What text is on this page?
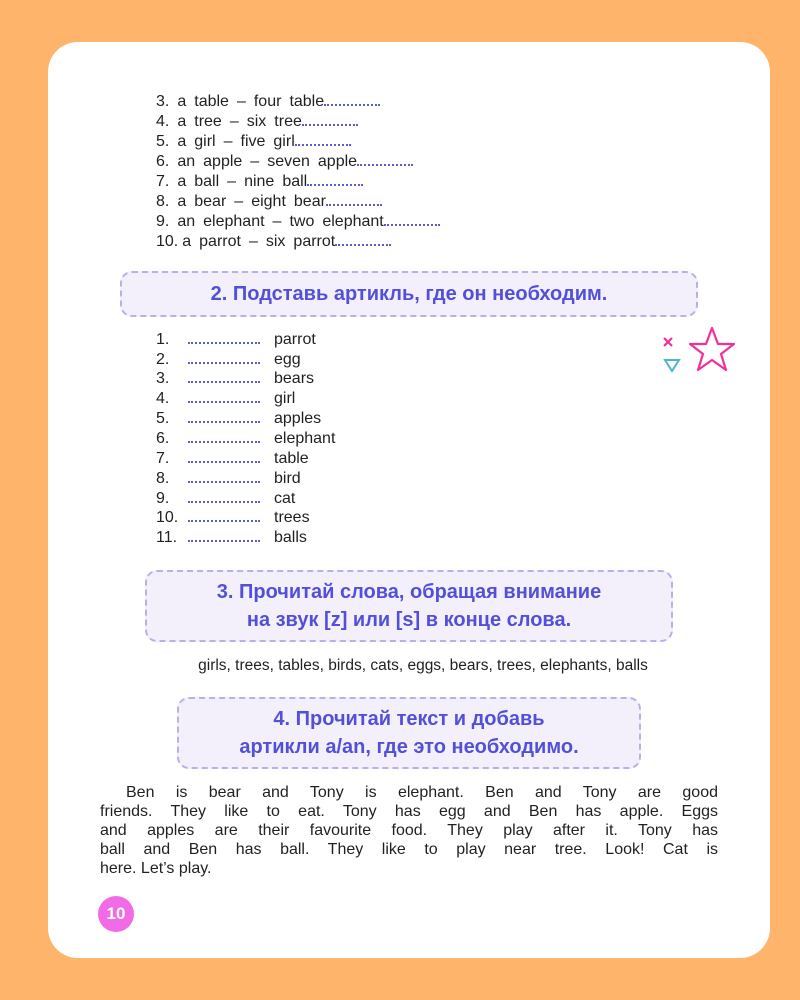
3. a table – four table
4. a tree – six tree
5. a girl – five girl
6. an apple – seven apple
7. a ball – nine ball
8. a bear – eight bear
9. an elephant – two elephant
10. a parrot – six parrot
2. Подставь артикль, где он необходим.
1.	parrot
2.	egg
3.	bears
4.	girl
5.	apples
6.	elephant
7.	table
8.	bird
9.	cat
10.	trees
11.	balls
3. Прочитай слова, обращая внимание
на звук [z] или [s] в конце слова.
girls, trees, tables, birds, cats, eggs, bears, trees, elephants, balls
4. Прочитай текст и добавь
артикли a/an, где это необходимо.
Ben is bear and Tony is elephant. Ben and Tony are good
friends. They like to eat. Tony has egg and Ben has apple. Eggs
and apples are their favourite food. They play after it. Tony has
ball and Ben has ball. They like to play near tree. Look! Cat is
here. Let’s play.
10
